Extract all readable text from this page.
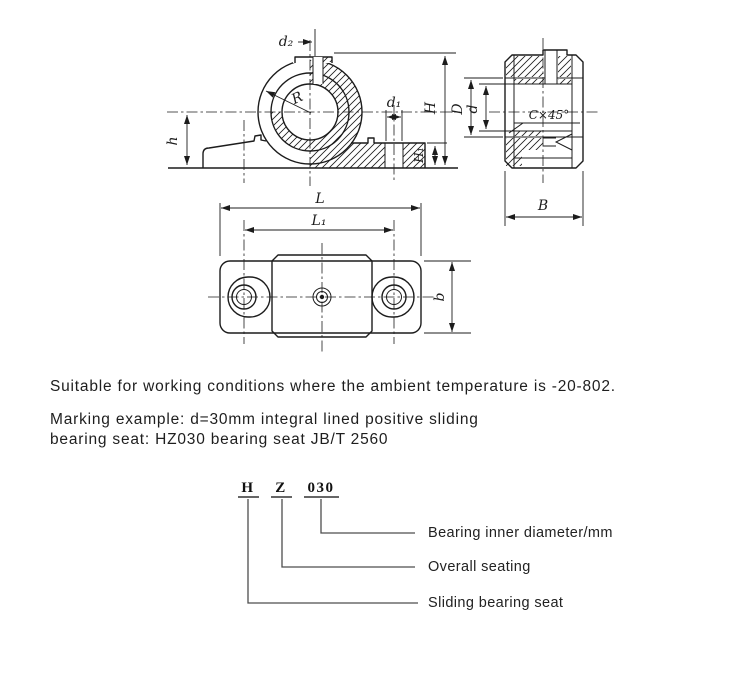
d₂
R	d₁ H
H₁
h
C×45°
D d
B
L
L₁
b
Suitable for working conditions where the ambient temperature is -20-802.
Marking example: d=30mm integral lined positive sliding
bearing seat: HZ030 bearing seat JB/T 2560
H Z 030
Bearing inner diameter/mm
Overall seating
Sliding bearing seat
